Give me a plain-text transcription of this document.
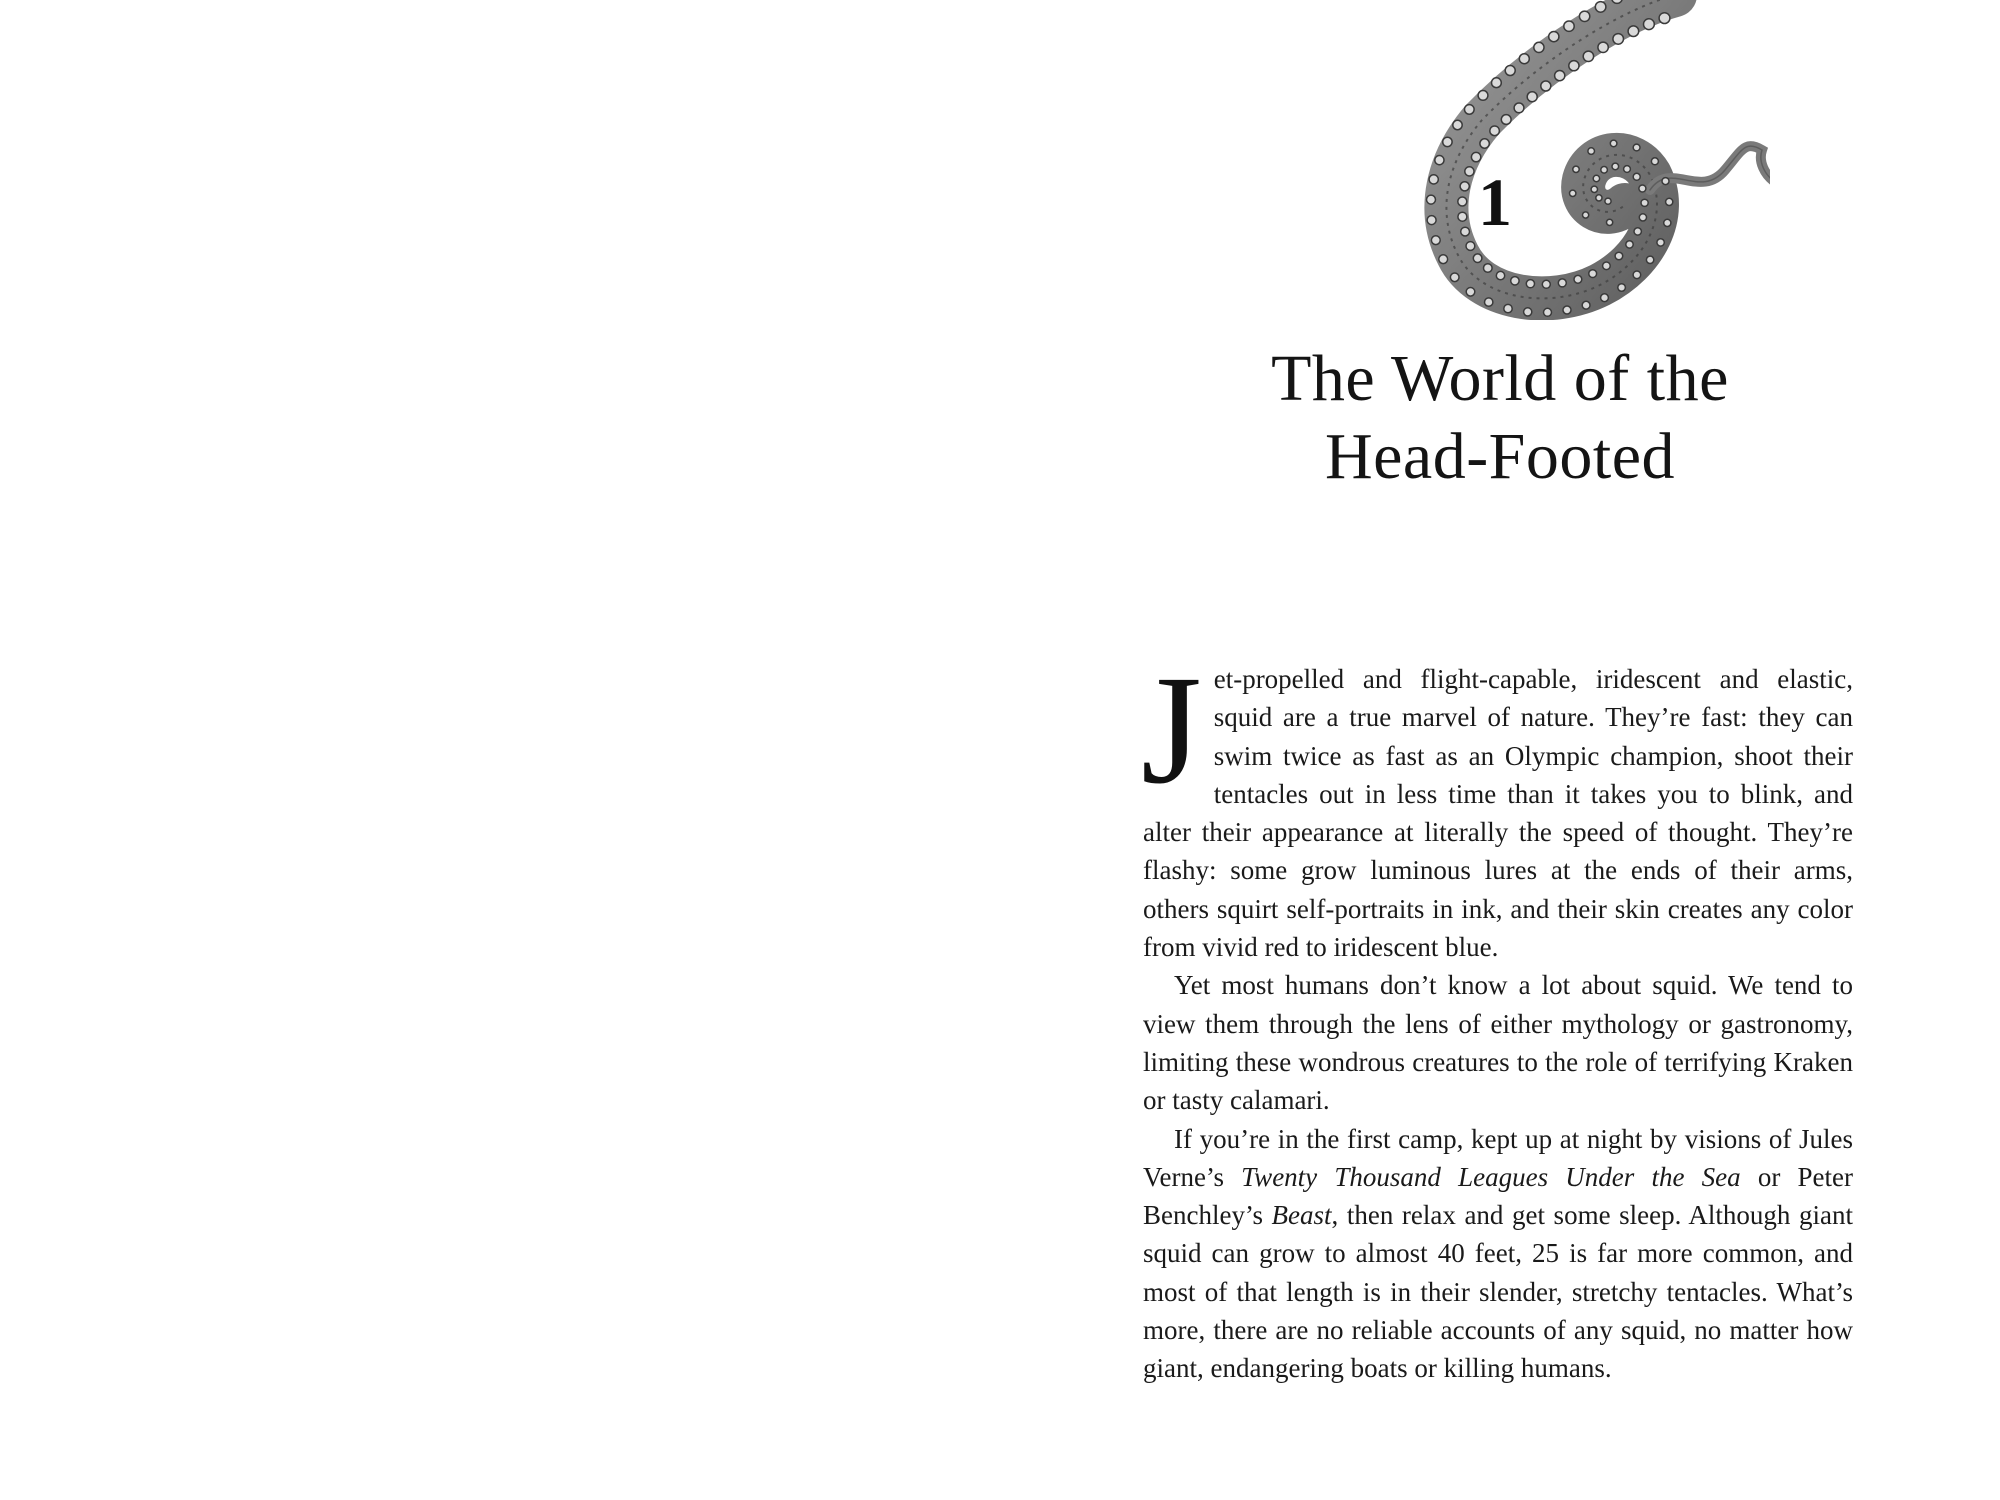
1
The World of the
Head-Footed

Jet-propelled and flight-capable, iridescent and elastic, squid are a true marvel of nature. They’re fast: they can swim twice as fast as an Olympic champion, shoot their tentacles out in less time than it takes you to blink, and alter their appearance at literally the speed of thought. They’re flashy: some grow luminous lures at the ends of their arms, others squirt self-portraits in ink, and their skin creates any color from vivid red to iridescent blue.

Yet most humans don’t know a lot about squid. We tend to view them through the lens of either mythology or gastronomy, limiting these wondrous creatures to the role of terrifying Kraken or tasty calamari.

If you’re in the first camp, kept up at night by visions of Jules Verne’s Twenty Thousand Leagues Under the Sea or Peter Benchley’s Beast, then relax and get some sleep. Although giant squid can grow to almost 40 feet, 25 is far more common, and most of that length is in their slender, stretchy tentacles. What’s more, there are no reliable accounts of any squid, no matter how giant, endangering boats or killing humans.
